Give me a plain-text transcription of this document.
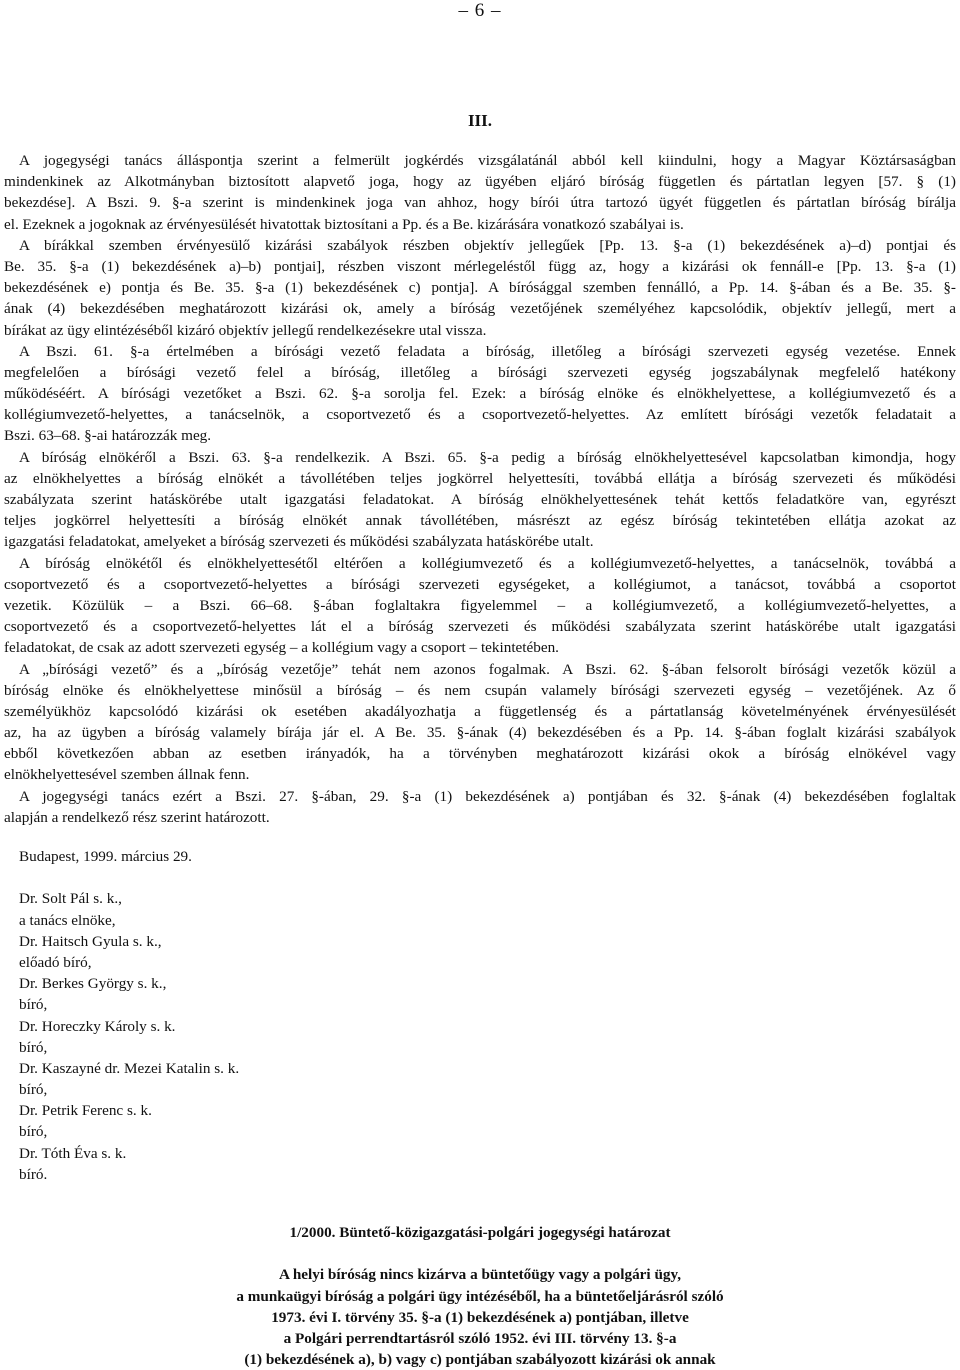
– 6 –
III.
A jogegységi tanács álláspontja szerint a felmerült jogkérdés vizsgálatánál abból kell kiindulni, hogy a Magyar Köztársaságban
mindenkinek az Alkotmányban biztosított alapvető joga, hogy az ügyében eljáró bíróság független és pártatlan legyen [57. § (1)
bekezdése]. A Bszi. 9. §-a szerint is mindenkinek joga van ahhoz, hogy bírói útra tartozó ügyét független és pártatlan bíróság bírálja
el. Ezeknek a jogoknak az érvényesülését hivatottak biztosítani a Pp. és a Be. kizárására vonatkozó szabályai is.
A bírákkal szemben érvényesülő kizárási szabályok részben objektív jellegűek [Pp. 13. §-a (1) bekezdésének a)–d) pontjai és
Be. 35. §-a (1) bekezdésének a)–b) pontjai], részben viszont mérlegeléstől függ az, hogy a kizárási ok fennáll-e [Pp. 13. §-a (1)
bekezdésének e) pontja és Be. 35. §-a (1) bekezdésének c) pontja]. A bírósággal szemben fennálló, a Pp. 14. §-ában és a Be. 35. §-
ának (4) bekezdésében meghatározott kizárási ok, amely a bíróság vezetőjének személyéhez kapcsolódik, objektív jellegű, mert a
bírákat az ügy elintézéséből kizáró objektív jellegű rendelkezésekre utal vissza.
A Bszi. 61. §-a értelmében a bírósági vezető feladata a bíróság, illetőleg a bírósági szervezeti egység vezetése. Ennek
megfelelően a bírósági vezető felel a bíróság, illetőleg a bírósági szervezeti egység jogszabálynak megfelelő hatékony
működéséért. A bírósági vezetőket a Bszi. 62. §-a sorolja fel. Ezek: a bíróság elnöke és elnökhelyettese, a kollégiumvezető és a
kollégiumvezető-helyettes, a tanácselnök, a csoportvezető és a csoportvezető-helyettes. Az említett bírósági vezetők feladatait a
Bszi. 63–68. §-ai határozzák meg.
A bíróság elnökéről a Bszi. 63. §-a rendelkezik. A Bszi. 65. §-a pedig a bíróság elnökhelyettesével kapcsolatban kimondja, hogy
az elnökhelyettes a bíróság elnökét a távollétében teljes jogkörrel helyettesíti, továbbá ellátja a bíróság szervezeti és működési
szabályzata szerint hatáskörébe utalt igazgatási feladatokat. A bíróság elnökhelyettesének tehát kettős feladatköre van, egyrészt
teljes jogkörrel helyettesíti a bíróság elnökét annak távollétében, másrészt az egész bíróság tekintetében ellátja azokat az
igazgatási feladatokat, amelyeket a bíróság szervezeti és működési szabályzata hatáskörébe utalt.
A bíróság elnökétől és elnökhelyettesétől eltérően a kollégiumvezető és a kollégiumvezető-helyettes, a tanácselnök, továbbá a
csoportvezető és a csoportvezető-helyettes a bírósági szervezeti egységeket, a kollégiumot, a tanácsot, továbbá a csoportot
vezetik. Közülük – a Bszi. 66–68. §-ában foglaltakra figyelemmel – a kollégiumvezető, a kollégiumvezető-helyettes, a
csoportvezető és a csoportvezető-helyettes lát el a bíróság szervezeti és működési szabályzata szerint hatáskörébe utalt igazgatási
feladatokat, de csak az adott szervezeti egység – a kollégium vagy a csoport – tekintetében.
A „bírósági vezető” és a „bíróság vezetője” tehát nem azonos fogalmak. A Bszi. 62. §-ában felsorolt bírósági vezetők közül a
bíróság elnöke és elnökhelyettese minősül a bíróság – és nem csupán valamely bírósági szervezeti egység – vezetőjének. Az ő
személyükhöz kapcsolódó kizárási ok esetében akadályozhatja a függetlenség és a pártatlanság követelményének érvényesülését
az, ha az ügyben a bíróság valamely bírája jár el. A Be. 35. §-ának (4) bekezdésében és a Pp. 14. §-ában foglalt kizárási szabályok
ebből következően abban az esetben irányadók, ha a törvényben meghatározott kizárási okok a bíróság elnökével vagy
elnökhelyettesével szemben állnak fenn.
A jogegységi tanács ezért a Bszi. 27. §-ában, 29. §-a (1) bekezdésének a) pontjában és 32. §-ának (4) bekezdésében foglaltak
alapján a rendelkező rész szerint határozott.
Budapest, 1999. március 29.
Dr. Solt Pál s. k.,
a tanács elnöke,
Dr. Haitsch Gyula s. k.,
előadó bíró,
Dr. Berkes György s. k.,
bíró,
Dr. Horeczky Károly s. k.
bíró,
Dr. Kaszayné dr. Mezei Katalin s. k.
bíró,
Dr. Petrik Ferenc s. k.
bíró,
Dr. Tóth Éva s. k.
bíró.
1/2000. Büntető-közigazgatási-polgári jogegységi határozat
A helyi bíróság nincs kizárva a büntetőügy vagy a polgári ügy,
a munkaügyi bíróság a polgári ügy intézéséből, ha a büntetőeljárásról szóló
1973. évi I. törvény 35. §-a (1) bekezdésének a) pontjában, illetve
a Polgári perrendtartásról szóló 1952. évi III. törvény 13. §-a
(1) bekezdésének a), b) vagy c) pontjában szabályozott kizárási ok annak
